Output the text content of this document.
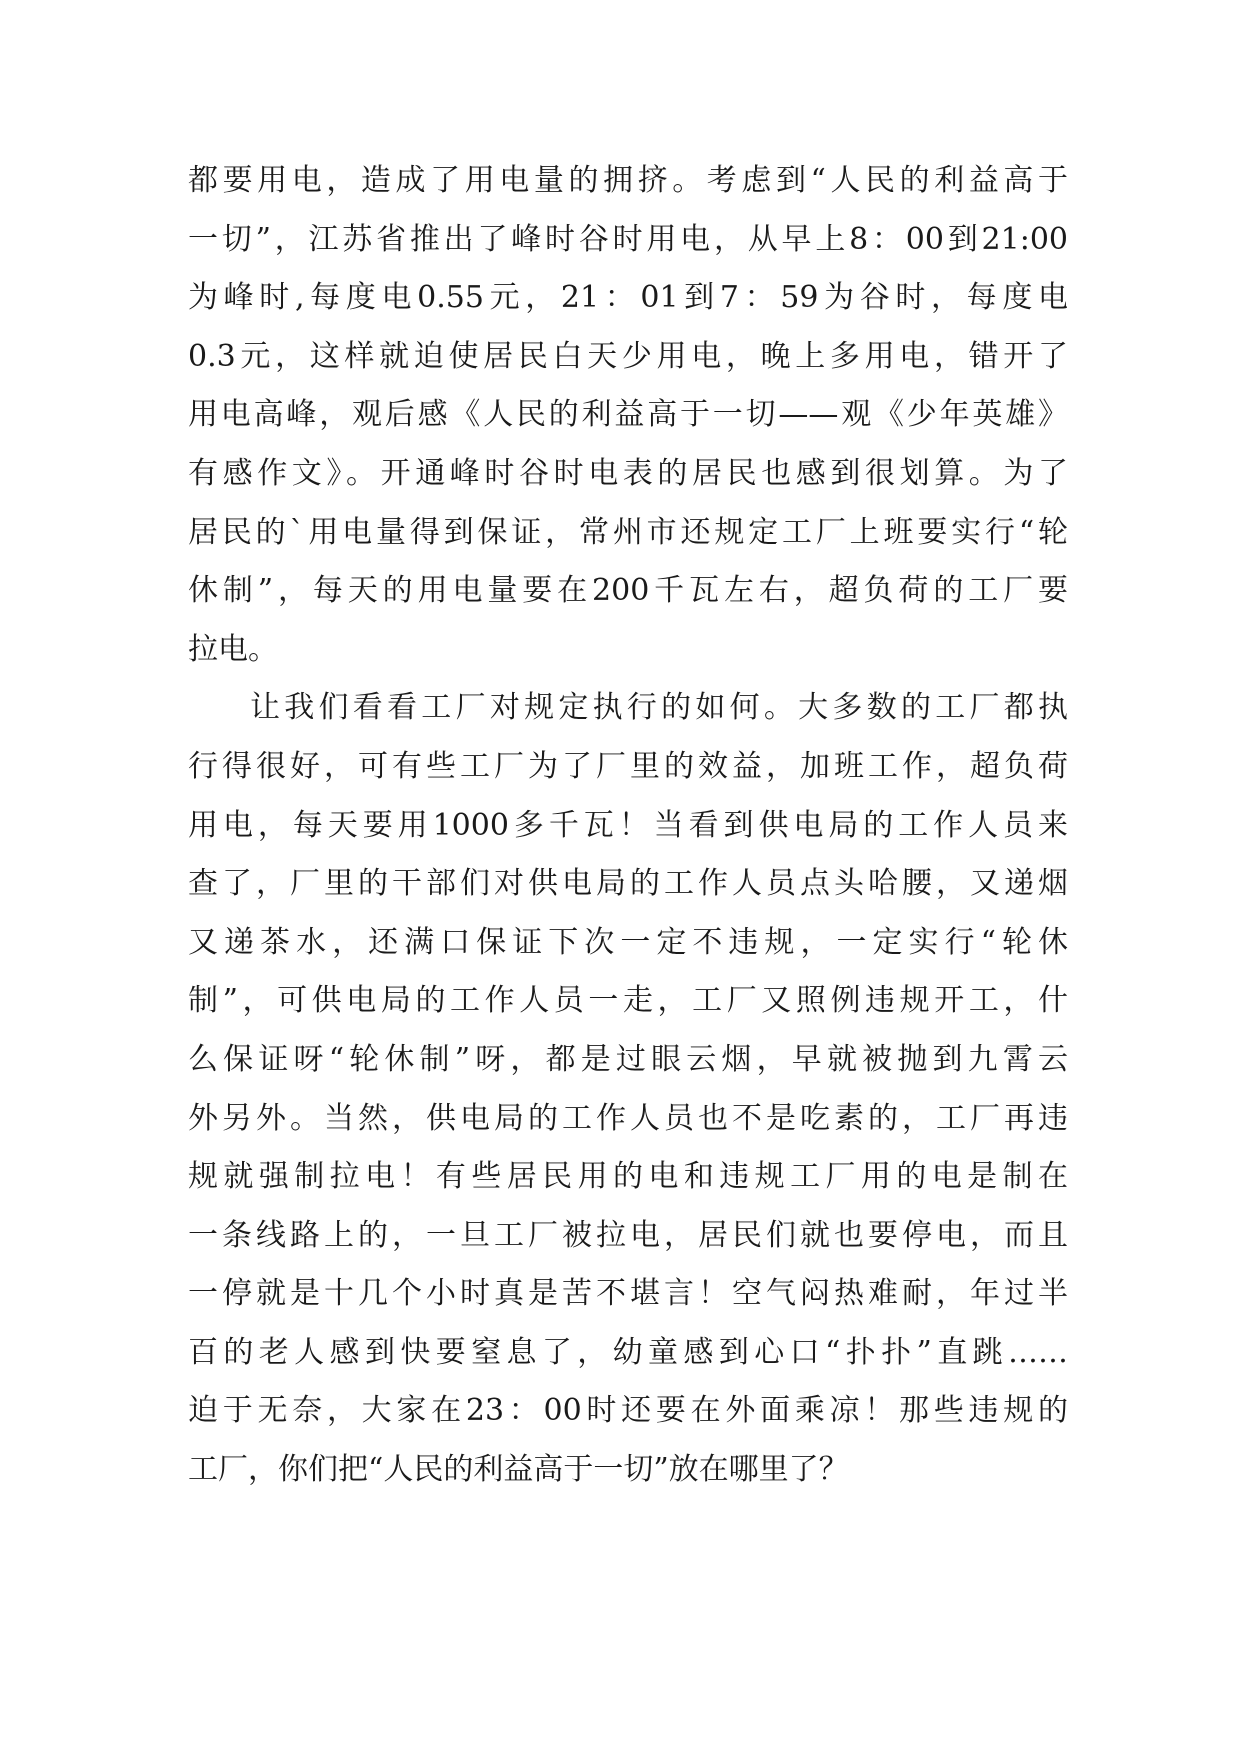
都要用电，造成了用电量的拥挤。考虑到“人民的利益高于
一切”，江苏省推出了峰时谷时用电，从早上8：00到21:00
为峰时,每度电0.55元，21：01到7：59为谷时，每度电
0.3元，这样就迫使居民白天少用电，晚上多用电，错开了
用电高峰，观后感《人民的利益高于一切——观《少年英雄》
有感作文》。开通峰时谷时电表的居民也感到很划算。为了
居民的`用电量得到保证，常州市还规定工厂上班要实行“轮
休制”，每天的用电量要在200千瓦左右，超负荷的工厂要
拉电。
让我们看看工厂对规定执行的如何。大多数的工厂都执
行得很好，可有些工厂为了厂里的效益，加班工作，超负荷
用电，每天要用1000多千瓦！当看到供电局的工作人员来
查了，厂里的干部们对供电局的工作人员点头哈腰，又递烟
又递茶水，还满口保证下次一定不违规，一定实行“轮休
制”，可供电局的工作人员一走，工厂又照例违规开工，什
么保证呀“轮休制”呀，都是过眼云烟，早就被抛到九霄云
外另外。当然，供电局的工作人员也不是吃素的，工厂再违
规就强制拉电！有些居民用的电和违规工厂用的电是制在
一条线路上的，一旦工厂被拉电，居民们就也要停电，而且
一停就是十几个小时真是苦不堪言！空气闷热难耐，年过半
百的老人感到快要窒息了，幼童感到心口“扑扑”直跳……
迫于无奈，大家在23：00时还要在外面乘凉！那些违规的
工厂，你们把“人民的利益高于一切”放在哪里了？
